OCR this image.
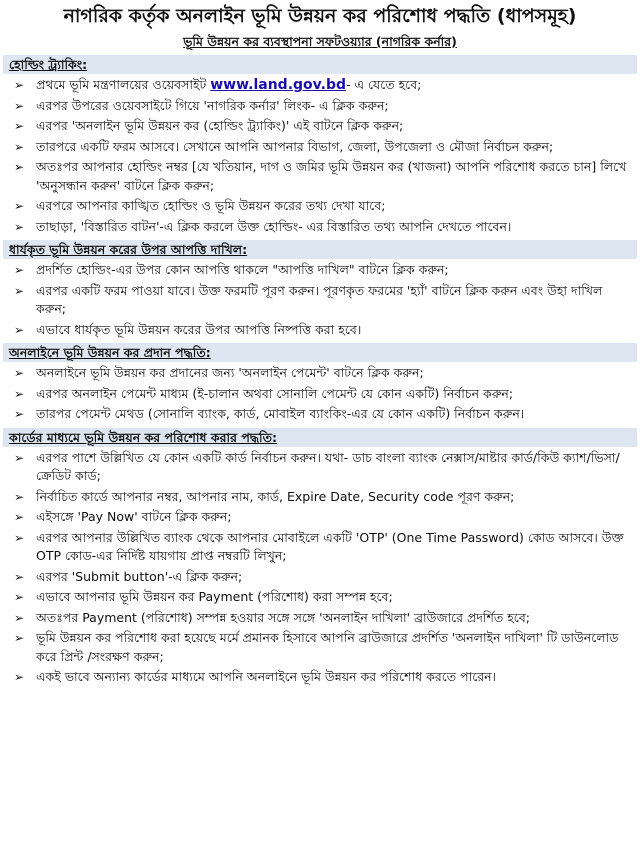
নাগরিক কর্তৃক অনলাইন ভূমি উন্নয়ন কর পরিশোধ পদ্ধতি (ধাপসমূহ)
ভূমি উন্নয়ন কর ব্যবস্থাপনা সফটওয়্যার (নাগরিক কর্নার)
হোল্ডিং ট্র্যাকিং:
➢ প্রথমে ভূমি মন্ত্রণালয়ের ওয়েবসাইট www.land.gov.bd- এ যেতে হবে;
➢ এরপর উপরের ওয়েবসাইটে গিয়ে 'নাগরিক কর্নার' লিংক- এ ক্লিক করুন;
➢ এরপর 'অনলাইন ভূমি উন্নয়ন কর (হোল্ডিং ট্র্যাকিং)' এই বাটনে ক্লিক করুন;
➢ তারপরে একটি ফরম আসবে। সেখানে আপনি আপনার বিভাগ, জেলা, উপজেলা ও মৌজা নির্বাচন করুন;
➢ অতঃপর আপনার হোল্ডিং নম্বর [যে খতিয়ান, দাগ ও জমির ভূমি উন্নয়ন কর (খাজনা) আপনি পরিশোধ করতে চান] লিখে 'অনুসন্ধান করুন' বাটনে ক্লিক করুন;
➢ এরপরে আপনার কাঙ্খিত হোল্ডিং ও ভূমি উন্নয়ন করের তথ্য দেখা যাবে;
➢ তাছাড়া, 'বিস্তারিত বাটন'-এ ক্লিক করলে উক্ত হোল্ডিং- এর বিস্তারিত তথ্য আপনি দেখতে পাবেন।
ধার্যকৃত ভূমি উন্নয়ন করের উপর আপত্তি দাখিল:
➢ প্রদর্শিত হোল্ডিং-এর উপর কোন আপত্তি থাকলে "আপত্তি দাখিল" বাটনে ক্লিক করুন;
➢ এরপর একটি ফরম পাওয়া যাবে। উক্ত ফরমটি পূরণ করুন। পূরণকৃত ফরমের 'হ্যাঁ' বাটনে ক্লিক করুন এবং উহা দাখিল করুন;
➢ এভাবে ধার্যকৃত ভূমি উন্নয়ন করের উপর আপত্তি নিষ্পত্তি করা হবে।
অনলাইনে ভূমি উন্নয়ন কর প্রদান পদ্ধতি:
➢ অনলাইনে ভূমি উন্নয়ন কর প্রদানের জন্য 'অনলাইন পেমেন্ট' বাটনে ক্লিক করুন;
➢ এরপর অনলাইন পেমেন্ট মাধ্যম (ই-চালান অথবা সোনালি পেমেন্ট যে কোন একটি) নির্বাচন করুন;
➢ তারপর পেমেন্ট মেথড (সোনালি ব্যাংক, কার্ড, মোবাইল ব্যাংকিং-এর যে কোন একটি) নির্বাচন করুন।
কার্ডের মাধ্যমে ভূমি উন্নয়ন কর পরিশোধ করার পদ্ধতি:
➢ এরপর পাশে উল্লিখিত যে কোন একটি কার্ড নির্বাচন করুন। যথা- ডাচ বাংলা ব্যাংক নেক্সাস/মাষ্টার কার্ড/কিউ ক্যাশ/ভিসা/ক্রেডিট কার্ড;
➢ নির্বাচিত কার্ডে আপনার নম্বর, আপনার নাম, কার্ড, Expire Date, Security code পূরণ করুন;
➢ এইসঙ্গে 'Pay Now' বাটনে ক্লিক করুন;
➢ এরপর আপনার উল্লিখিত ব্যাংক থেকে আপনার মোবাইলে একটি 'OTP' (One Time Password) কোড আসবে। উক্ত OTP কোড-এর নির্দিষ্ট যায়গায় প্রাপ্ত নম্বরটি লিখুন;
➢ এরপর 'Submit button'-এ ক্লিক করুন;
➢ এভাবে আপনার ভূমি উন্নয়ন কর Payment (পরিশোধ) করা সম্পন্ন হবে;
➢ অতঃপর Payment (পরিশোধ) সম্পন্ন হওয়ার সঙ্গে সঙ্গে 'অনলাইন দাখিলা' ব্রাউজারে প্রদর্শিত হবে;
➢ ভূমি উন্নয়ন কর পরিশোধ করা হয়েছে মর্মে প্রমানক হিসাবে আপনি ব্রাউজারে প্রদর্শিত 'অনলাইন দাখিলা' টি ডাউনলোড করে প্রিন্ট /সংরক্ষণ করুন;
➢ একই ভাবে অন্যান্য কার্ডের মাধ্যমে আপনি অনলাইনে ভূমি উন্নয়ন কর পরিশোধ করতে পারেন।
